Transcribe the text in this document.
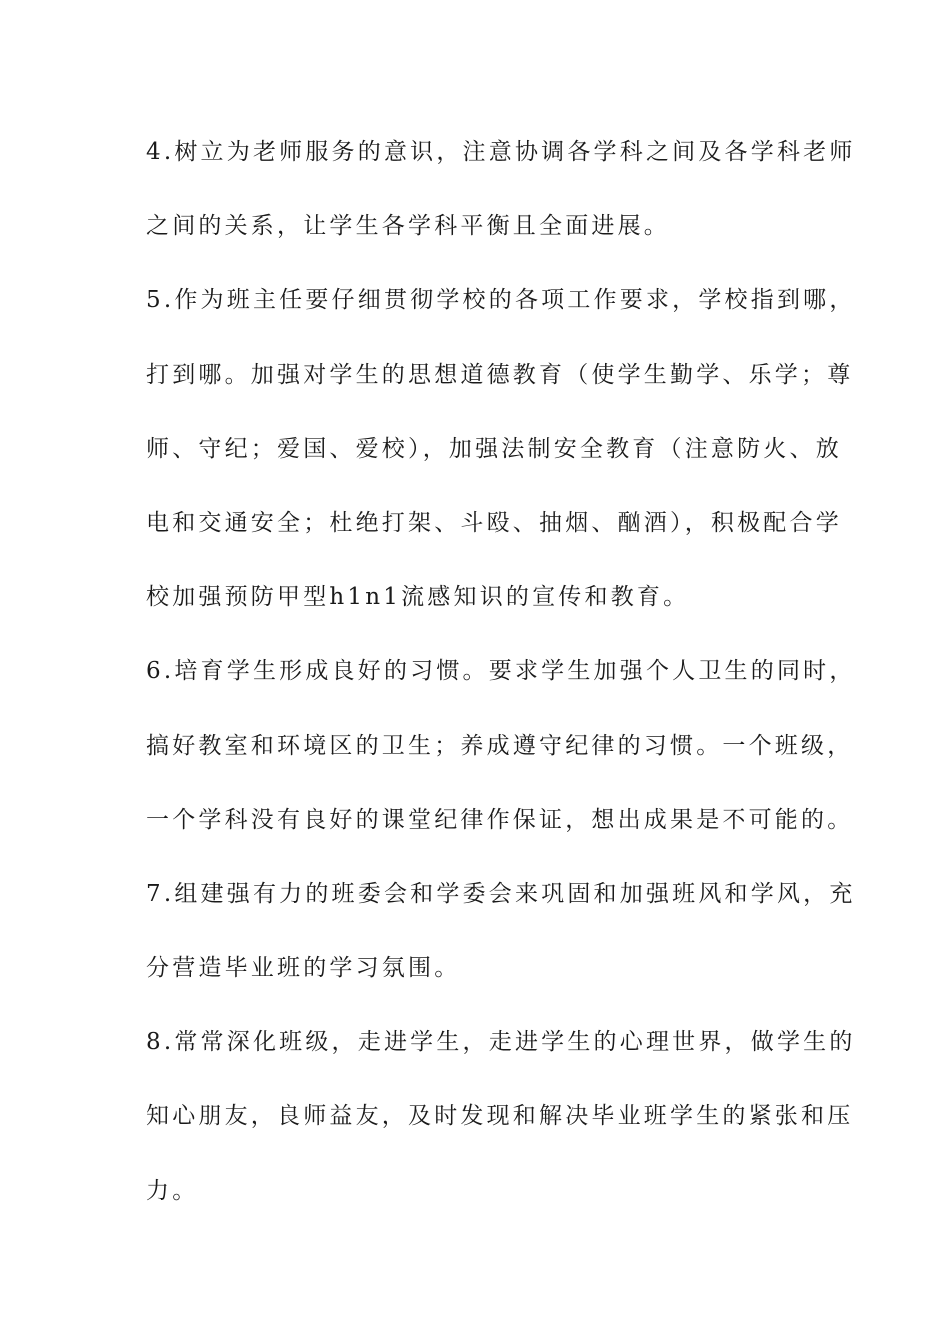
4.树立为老师服务的意识，注意协调各学科之间及各学科老师
之间的关系，让学生各学科平衡且全面进展。
5.作为班主任要仔细贯彻学校的各项工作要求，学校指到哪，
打到哪。加强对学生的思想道德教育（使学生勤学、乐学；尊
师、守纪；爱国、爱校），加强法制安全教育（注意防火、放
电和交通安全；杜绝打架、斗殴、抽烟、酗酒），积极配合学
校加强预防甲型h1n1流感知识的宣传和教育。
6.培育学生形成良好的习惯。要求学生加强个人卫生的同时，
搞好教室和环境区的卫生；养成遵守纪律的习惯。一个班级，
一个学科没有良好的课堂纪律作保证，想出成果是不可能的。
7.组建强有力的班委会和学委会来巩固和加强班风和学风，充
分营造毕业班的学习氛围。
8.常常深化班级，走进学生，走进学生的心理世界，做学生的
知心朋友，良师益友，及时发现和解决毕业班学生的紧张和压
力。
